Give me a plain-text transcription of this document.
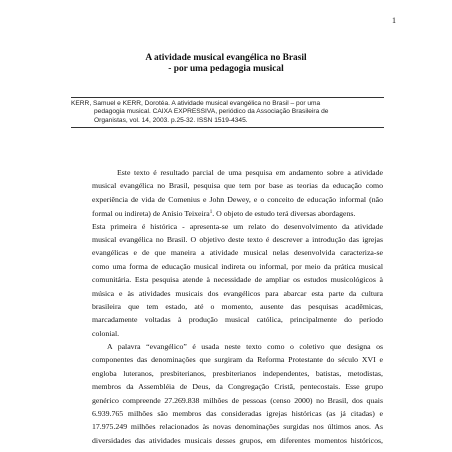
1
A atividade musical evangélica no Brasil
- por uma pedagogia musical
KERR, Samuel e KERR, Dorotéa. A atividade musical evangélica no Brasil – por uma
pedagogia musical. CAIXA EXPRESSIVA, periódico da Associação Brasileira de
Organistas, vol. 14, 2003. p.25-32. ISSN 1519-4345.
Este texto é resultado parcial de uma pesquisa em andamento sobre a atividade
musical evangélica no Brasil, pesquisa que tem por base as teorias da educação como
experiência de vida de Comenius e John Dewey, e o conceito de educação informal (não
formal ou indireta) de Anísio Teixeira$^1$. O objeto de estudo terá diversas abordagens.
Esta primeira é histórica - apresenta-se um relato do desenvolvimento da atividade
musical evangélica no Brasil. O objetivo deste texto é descrever a introdução das igrejas
evangélicas e de que maneira a atividade musical nelas desenvolvida caracteriza-se
como uma forma de educação musical indireta ou informal, por meio da prática musical
comunitária. Esta pesquisa atende à necessidade de ampliar os estudos musicológicos à
música e às atividades musicais dos evangélicos para abarcar esta parte da cultura
brasileira que tem estado, até o momento, ausente das pesquisas acadêmicas,
marcadamente voltadas à produção musical católica, principalmente do período
colonial.
A palavra “evangélico” é usada neste texto como o coletivo que designa os
componentes das denominações que surgiram da Reforma Protestante do século XVI e
engloba luteranos, presbiterianos, presbiterianos independentes, batistas, metodistas,
membros da Assembléia de Deus, da Congregação Cristã, pentecostais. Esse grupo
genérico compreende 27.269.838 milhões de pessoas (censo 2000) no Brasil, dos quais
6.939.765 milhões são membros das consideradas igrejas históricas (as já citadas) e
17.975.249 milhões relacionados às novas denominações surgidas nos últimos anos. As
diversidades das atividades musicais desses grupos, em diferentes momentos históricos,
